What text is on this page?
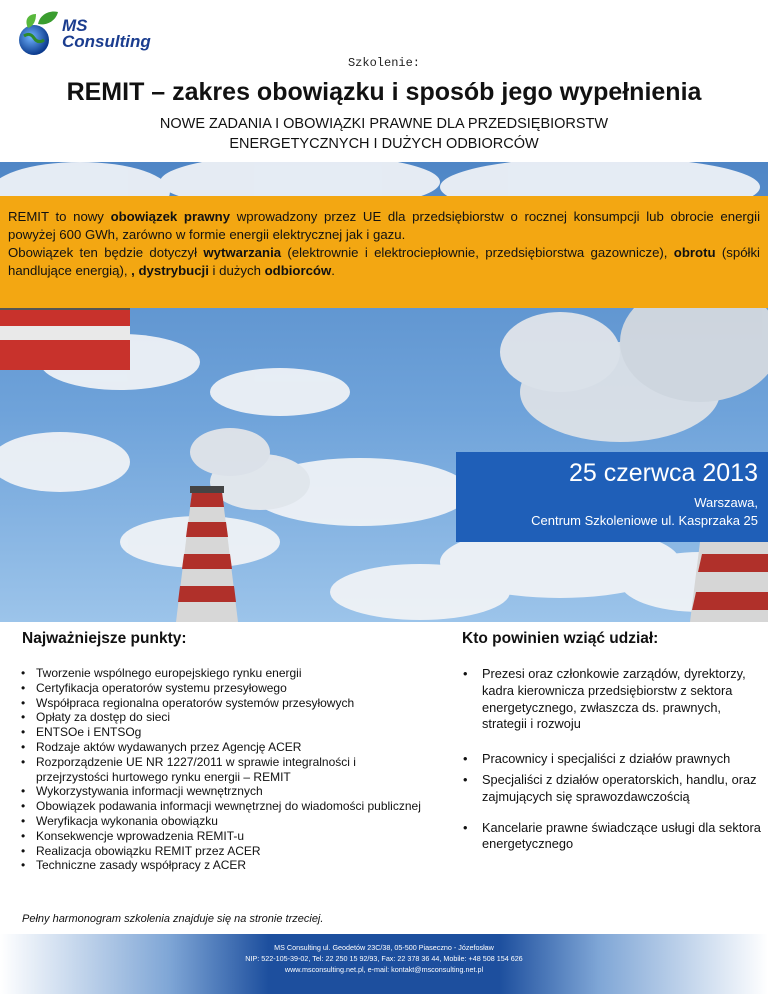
MS
Consulting
Szkolenie:
REMIT – zakres obowiązku i sposób jego wypełnienia
NOWE ZADANIA I OBOWIĄZKI PRAWNE DLA PRZEDSIĘBIORSTW
ENERGETYCZNYCH I DUŻYCH ODBIORCÓW

REMIT to nowy obowiązek prawny wprowadzony przez UE dla przedsiębiorstw o rocznej konsumpcji lub obrocie energii powyżej 600 GWh, zarówno w formie energii elektrycznej jak i gazu.

Obowiązek ten będzie dotyczył wytwarzania (elektrownie i elektrociepłownie, przedsiębiorstwa gazownicze), obrotu (spółki handlujące energią), , dystrybucji i dużych odbiorców.

25 czerwca 2013
Warszawa,
Centrum Szkoleniowe ul. Kasprzaka 25
Najważniejsze punkty:
• Tworzenie wspólnego europejskiego rynku energii
• Certyfikacja operatorów systemu przesyłowego
• Współpraca regionalna operatorów systemów przesyłowych
• Opłaty za dostęp do sieci
• ENTSOe i ENTSOg
• Rodzaje aktów wydawanych przez Agencję ACER
• Rozporządzenie UE NR 1227/2011 w sprawie integralności i przejrzystości hurtowego rynku energii – REMIT
• Wykorzystywania informacji wewnętrznych
• Obowiązek podawania informacji wewnętrznej do wiadomości publicznej
• Weryfikacja wykonania obowiązku
• Konsekwencje wprowadzenia REMIT-u
• Realizacja obowiązku REMIT przez ACER
• Techniczne zasady współpracy z ACER
Kto powinien wziąć udział:
• Prezesi oraz członkowie zarządów, dyrektorzy, kadra kierownicza przedsiębiorstw z sektora energetycznego, zwłaszcza ds. prawnych, strategii i rozwoju
• Pracownicy i specjaliści z działów prawnych
• Specjaliści z działów operatorskich, handlu, oraz zajmujących się sprawozdawczością
• Kancelarie prawne świadczące usługi dla sektora energetycznego
Pełny harmonogram szkolenia znajduje się na stronie trzeciej.
MS Consulting ul. Geodetów 23C/38, 05-500 Piaseczno - Józefosław
NIP: 522-105-39-02, Tel: 22 250 15 92/93, Fax: 22 378 36 44, Mobile: +48 508 154 626
www.msconsulting.net.pl, e-mail: kontakt@msconsulting.net.pl
